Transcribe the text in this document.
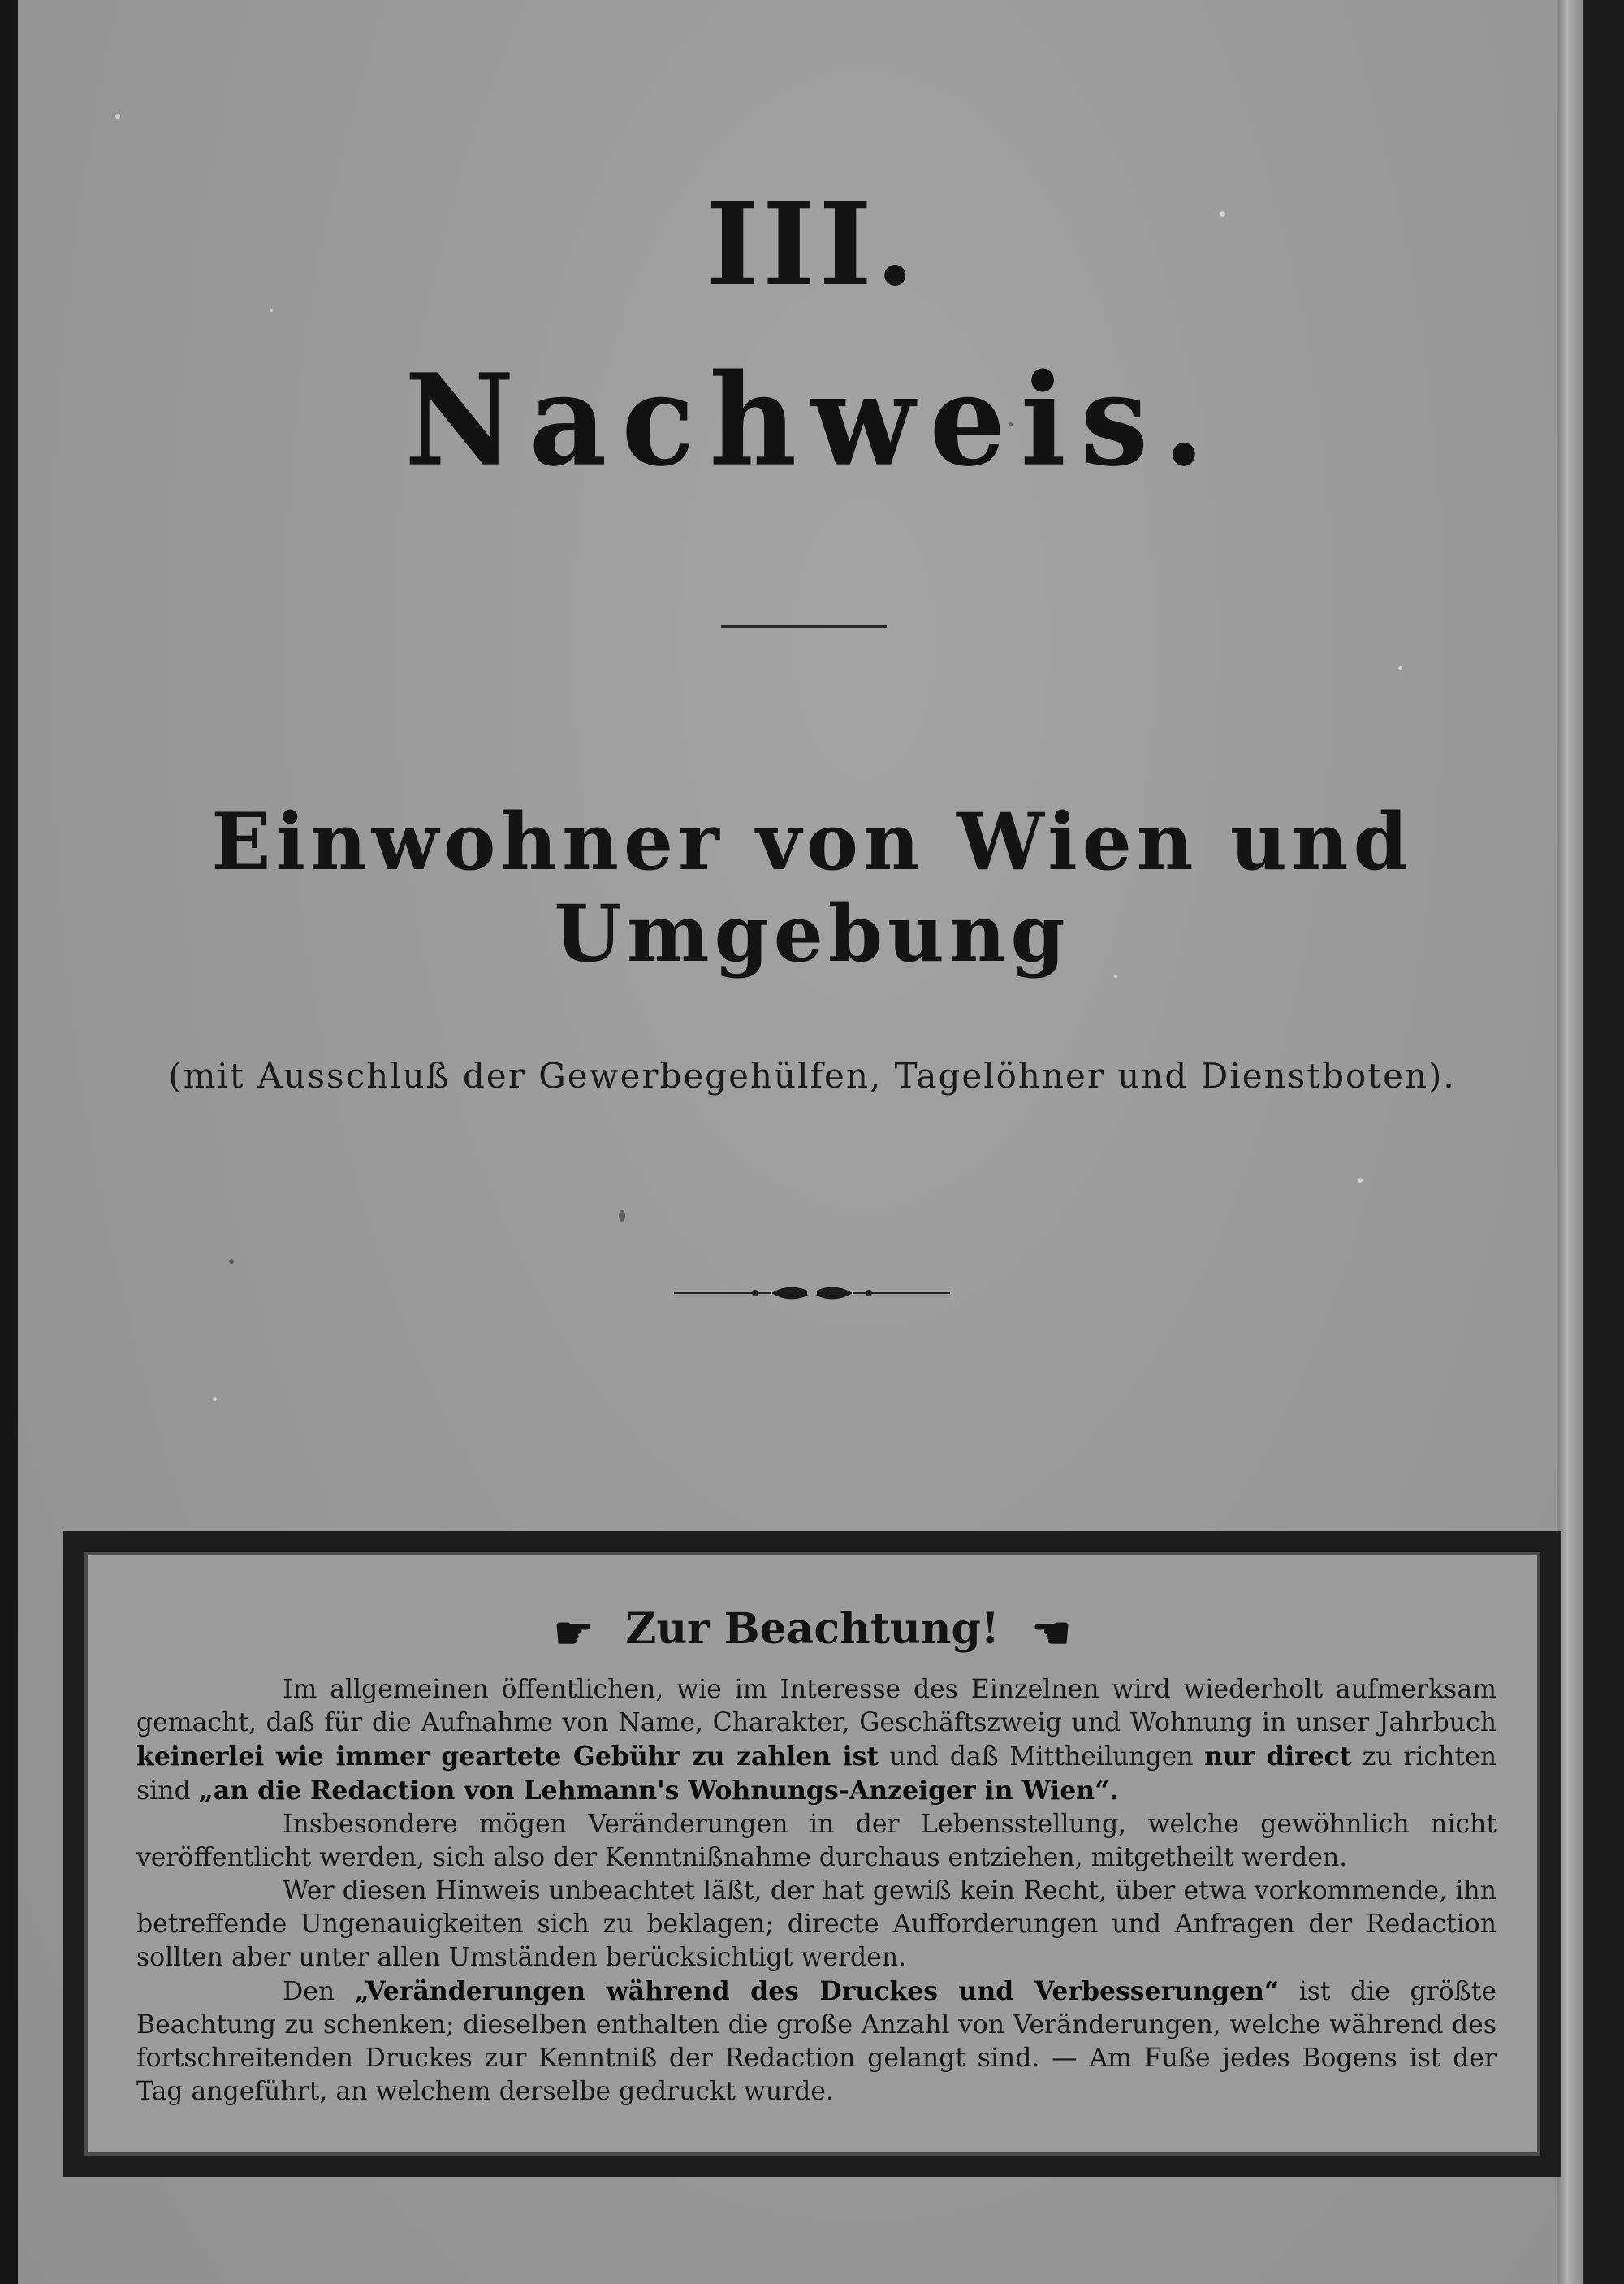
III.
Nachweis.
Einwohner von Wien und Umgebung
(mit Ausschluß der Gewerbegehülfen, Tagelöhner und Dienstboten).
☛ Zur Beachtung! ☚

Im allgemeinen öffentlichen, wie im Interesse des Einzelnen wird wiederholt aufmerksam gemacht, daß für die Aufnahme von Name, Charakter, Geschäftszweig und Wohnung in unser Jahrbuch keinerlei wie immer geartete Gebühr zu zahlen ist und daß Mittheilungen nur direct zu richten sind „an die Redaction von Lehmann's Wohnungs-Anzeiger in Wien“.

Insbesondere mögen Veränderungen in der Lebensstellung, welche gewöhnlich nicht veröffentlicht werden, sich also der Kenntnißnahme durchaus entziehen, mitgetheilt werden.

Wer diesen Hinweis unbeachtet läßt, der hat gewiß kein Recht, über etwa vorkommende, ihn betreffende Ungenauigkeiten sich zu beklagen; directe Aufforderungen und Anfragen der Redaction sollten aber unter allen Umständen berücksichtigt werden.

Den „Veränderungen während des Druckes und Verbesserungen“ ist die größte Beachtung zu schenken; dieselben enthalten die große Anzahl von Veränderungen, welche während des fortschreitenden Druckes zur Kenntniß der Redaction gelangt sind. — Am Fuße jedes Bogens ist der Tag angeführt, an welchem derselbe gedruckt wurde.
